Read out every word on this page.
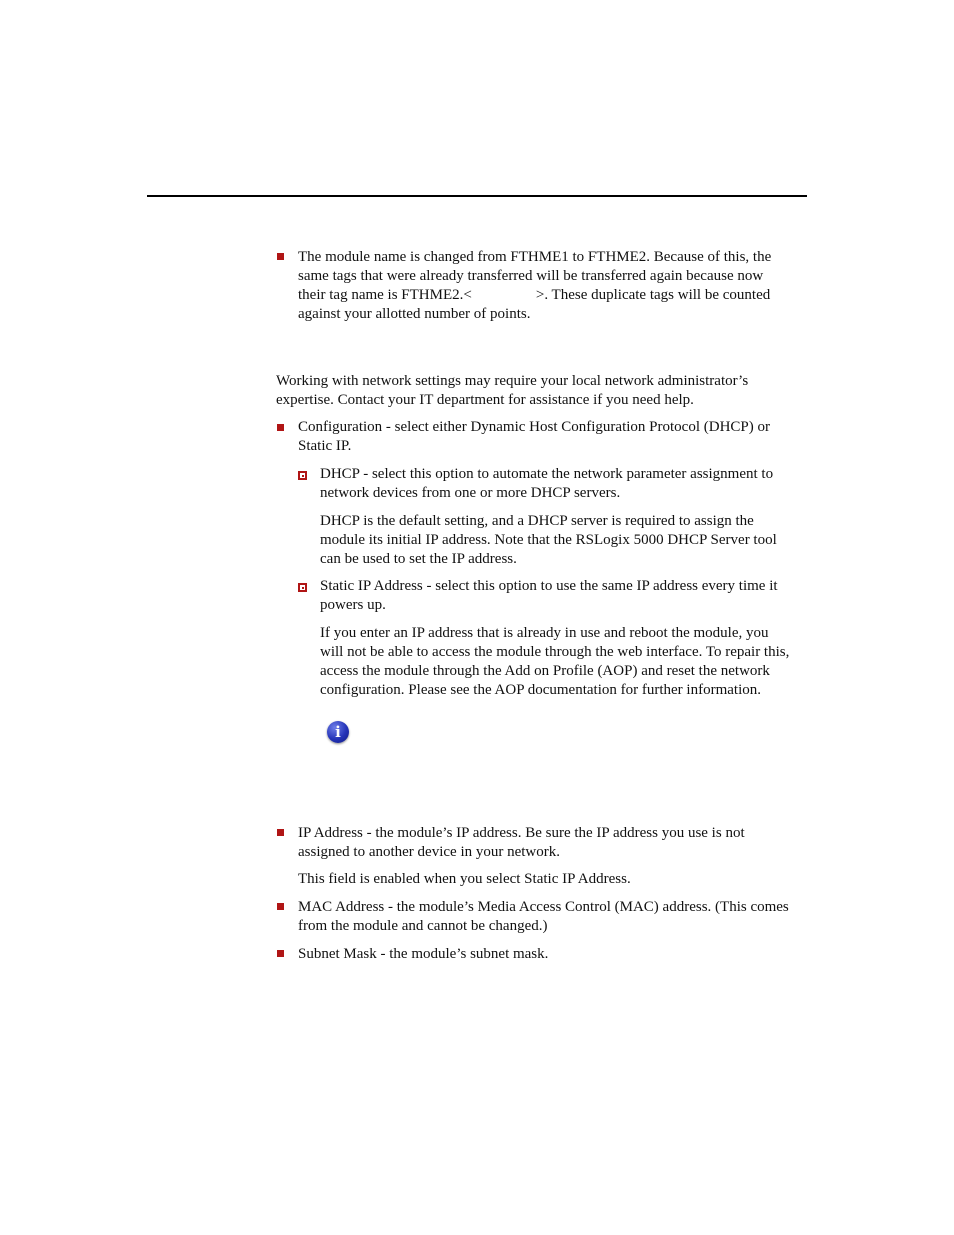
The module name is changed from FTHME1 to FTHME2. Because of this, the
same tags that were already transferred will be transferred again because now
their tag name is FTHME2.<	>. These duplicate tags will be counted
against your allotted number of points.
Working with network settings may require your local network administrator’s
expertise. Contact your IT department for assistance if you need help.
Configuration - select either Dynamic Host Configuration Protocol (DHCP) or
Static IP.
DHCP - select this option to automate the network parameter assignment to
network devices from one or more DHCP servers.
DHCP is the default setting, and a DHCP server is required to assign the
module its initial IP address. Note that the RSLogix 5000 DHCP Server tool
can be used to set the IP address.
Static IP Address - select this option to use the same IP address every time it
powers up.
If you enter an IP address that is already in use and reboot the module, you
will not be able to access the module through the web interface. To repair this,
access the module through the Add on Profile (AOP) and reset the network
configuration. Please see the AOP documentation for further information.
i
IP Address - the module’s IP address. Be sure the IP address you use is not
assigned to another device in your network.
This field is enabled when you select Static IP Address.
MAC Address - the module’s Media Access Control (MAC) address. (This comes
from the module and cannot be changed.)
Subnet Mask - the module’s subnet mask.
